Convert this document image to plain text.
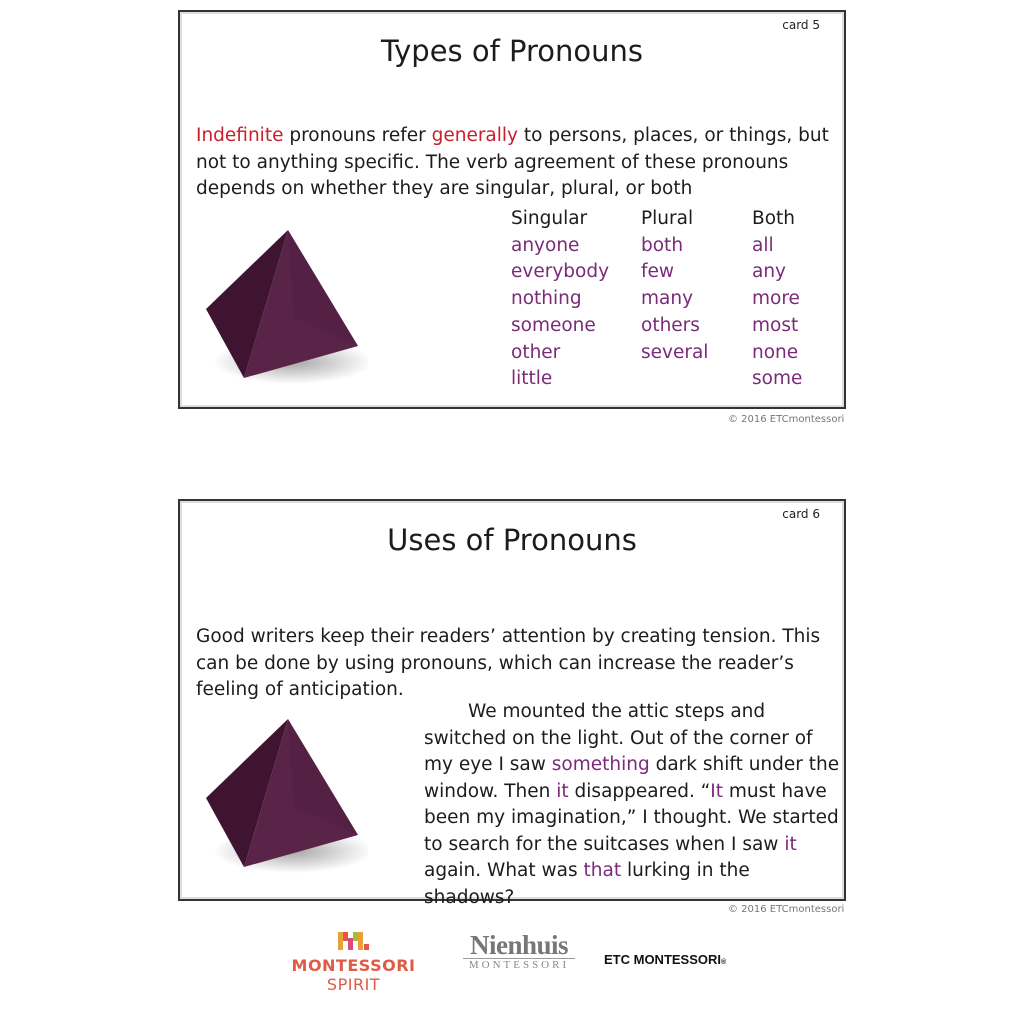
card 5
Types of Pronouns
Indefinite pronouns refer generally to persons, places, or things, but not to anything specific. The verb agreement of these pronouns depends on whether they are singular, plural, or both
Singular
anyone
everybody
nothing
someone
other
little
Plural
both
few
many
others
several
Both
all
any
more
most
none
some
© 2016 ETCmontessori
card 6
Uses of Pronouns
Good writers keep their readers’ attention by creating tension. This can be done by using pronouns, which can increase the reader’s feeling of anticipation.
We mounted the attic steps and switched on the light. Out of the corner of my eye I saw something dark shift under the window. Then it disappeared. “It must have been my imagination,” I thought. We started to search for the suitcases when I saw it again. What was that lurking in the shadows?
© 2016 ETCmontessori
MONTESSORI SPIRIT
Nienhuis
MONTESSORI	ETC MONTESSORI®
